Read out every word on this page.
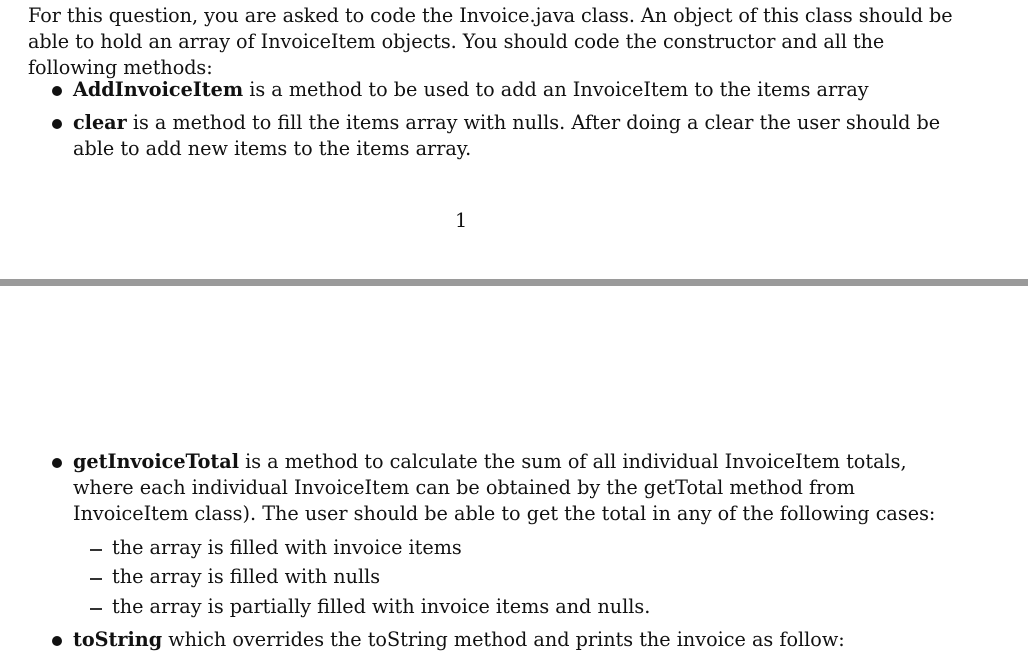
For this question, you are asked to code the Invoice.java class. An object of this class should be able to hold an array of InvoiceItem objects. You should code the constructor and all the following methods:

AddInvoiceItem is a method to be used to add an InvoiceItem to the items array

clear is a method to fill the items array with nulls. After doing a clear the user should be able to add new items to the items array.

1

getInvoiceTotal is a method to calculate the sum of all individual InvoiceItem totals, where each individual InvoiceItem can be obtained by the getTotal method from InvoiceItem class). The user should be able to get the total in any of the following cases:

the array is filled with invoice items

the array is filled with nulls

the array is partially filled with invoice items and nulls.

toString which overrides the toString method and prints the invoice as follow:
